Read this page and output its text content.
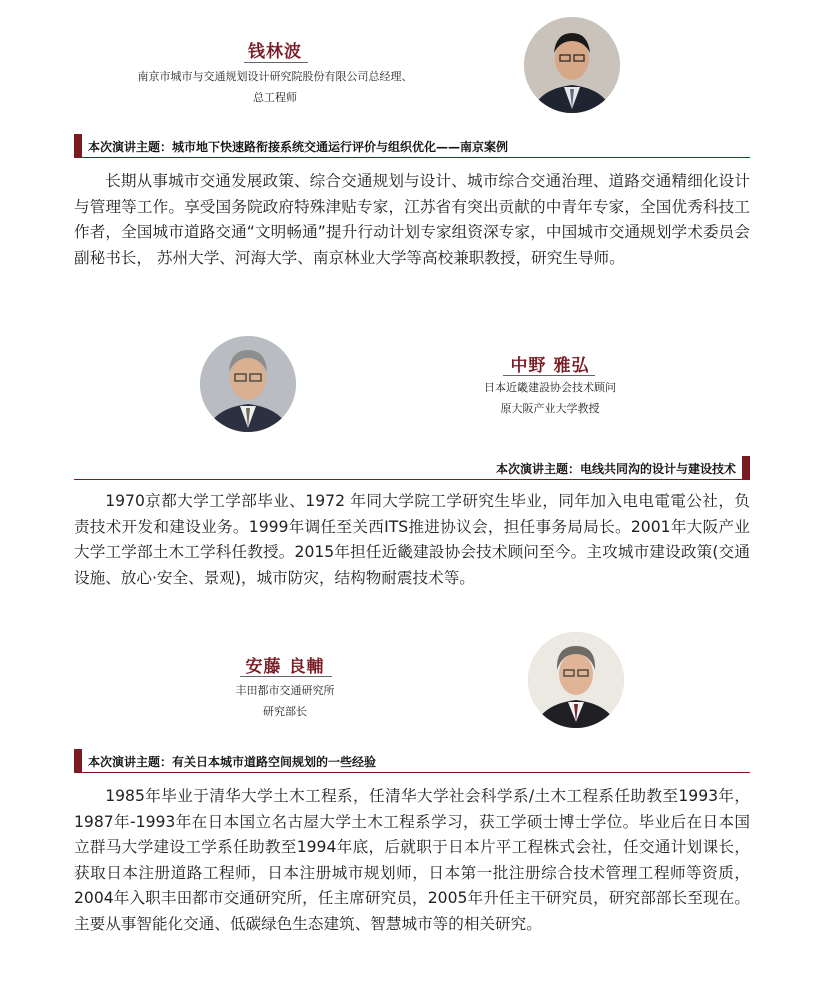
钱林波
南京市城市与交通规划设计研究院股份有限公司总经理、
总工程师
本次演讲主题：城市地下快速路衔接系统交通运行评价与组织优化——南京案例

长期从事城市交通发展政策、综合交通规划与设计、城市综合交通治理、道路交通精细化设计与管理等工作。享受国务院政府特殊津贴专家，江苏省有突出贡献的中青年专家，全国优秀科技工作者，全国城市道路交通“文明畅通”提升行动计划专家组资深专家，中国城市交通规划学术委员会副秘书长， 苏州大学、河海大学、南京林业大学等高校兼职教授，研究生导师。

中野 雅弘
日本近畿建設协会技术顾问
原大阪产业大学教授
本次演讲主题：电线共同沟的设计与建设技术

1970京都大学工学部毕业、1972 年同大学院工学研究生毕业，同年加入电电電電公社，负责技术开发和建设业务。1999年调任至关西ITS推进协议会，担任事务局局长。2001年大阪产业大学工学部土木工学科任教授。2015年担任近畿建設协会技术顾问至今。主攻城市建设政策(交通设施、放心·安全、景观)，城市防灾，结构物耐震技术等。

安藤 良輔
丰田都市交通研究所
研究部长
本次演讲主题：有关日本城市道路空间规划的一些经验

1985年毕业于清华大学土木工程系，任清华大学社会科学系/土木工程系任助教至1993年，1987年-1993年在日本国立名古屋大学土木工程系学习，获工学硕士博士学位。毕业后在日本国立群马大学建设工学系任助教至1994年底，后就职于日本片平工程株式会社，任交通计划课长，获取日本注册道路工程师，日本注册城市规划师，日本第一批注册综合技术管理工程师等资质，2004年入职丰田都市交通研究所，任主席研究员，2005年升任主干研究员，研究部部长至现在。主要从事智能化交通、低碳绿色生态建筑、智慧城市等的相关研究。
